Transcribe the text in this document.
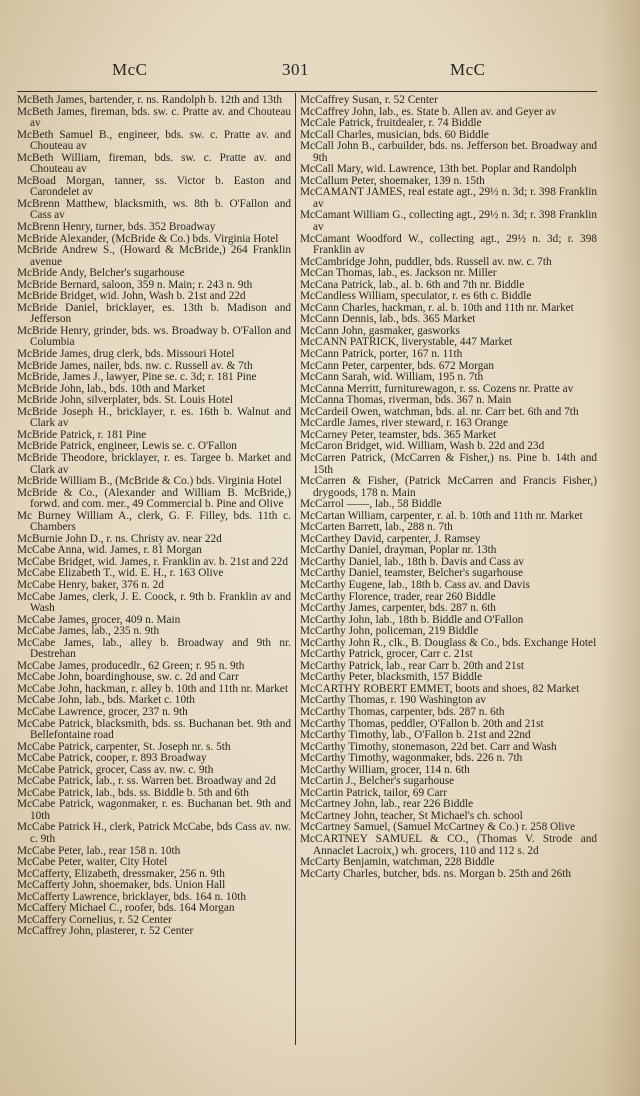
McC	301	McC
McBeth James, bartender, r. ns. Randolph b. 12th and 13th
McBeth James, fireman, bds. sw. c. Pratte av. and Chouteau av
McBeth Samuel B., engineer, bds. sw. c. Pratte av. and Chouteau av
McBeth William, fireman, bds. sw. c. Pratte av. and Chouteau av
McBoad Morgan, tanner, ss. Victor b. Easton and Carondelet av
McBrenn Matthew, blacksmith, ws. 8th b. O'Fallon and Cass av
McBrenn Henry, turner, bds. 352 Broadway
McBride Alexander, (McBride & Co.) bds. Virginia Hotel
McBride Andrew S., (Howard & McBride,) 264 Franklin avenue
McBride Andy, Belcher's sugarhouse
McBride Bernard, saloon, 359 n. Main; r. 243 n. 9th
McBride Bridget, wid. John, Wash b. 21st and 22d
McBride Daniel, bricklayer, es. 13th b. Madison and Jefferson
McBride Henry, grinder, bds. ws. Broadway b. O'Fallon and Columbia
McBride James, drug clerk, bds. Missouri Hotel
McBride James, nailer, bds. nw. c. Russell av. & 7th
McBride, James J., lawyer, Pine se. c. 3d; r. 181 Pine
McBride John, lab., bds. 10th and Market
McBride John, silverplater, bds. St. Louis Hotel
McBride Joseph H., bricklayer, r. es. 16th b. Walnut and Clark av
McBride Patrick, r. 181 Pine
McBride Patrick, engineer, Lewis se. c. O'Fallon
McBride Theodore, bricklayer, r. es. Targee b. Market and Clark av
McBride William B., (McBride & Co.) bds. Virginia Hotel
McBride & Co., (Alexander and William B. McBride,) forwd. and com. mer., 49 Commercial b. Pine and Olive
Mc Burney William A., clerk, G. F. Filley, bds. 11th c. Chambers
McBurnie John D., r. ns. Christy av. near 22d
McCabe Anna, wid. James, r. 81 Morgan
McCabe Bridget, wid. James, r. Franklin av. b. 21st and 22d
McCabe Elizabeth T., wid. E. H., r. 163 Olive
McCabe Henry, baker, 376 n. 2d
McCabe James, clerk, J. E. Coock, r. 9th b. Franklin av and Wash
McCabe James, grocer, 409 n. Main
McCabe James, lab., 235 n. 9th
McCabe James, lab., alley b. Broadway and 9th nr. Destrehan
McCabe James, producedlr., 62 Green; r. 95 n. 9th
McCabe John, boardinghouse, sw. c. 2d and Carr
McCabe John, hackman, r. alley b. 10th and 11th nr. Market
McCabe John, lab., bds. Market c. 10th
McCabe Lawrence, grocer, 237 n. 9th
McCabe Patrick, blacksmith, bds. ss. Buchanan bet. 9th and Bellefontaine road
McCabe Patrick, carpenter, St. Joseph nr. s. 5th
McCabe Patrick, cooper, r. 893 Broadway
McCabe Patrick, grocer, Cass av. nw. c. 9th
McCabe Patrick, lab., r. ss. Warren bet. Broadway and 2d
McCabe Patrick, lab., bds. ss. Biddle b. 5th and 6th
McCabe Patrick, wagonmaker, r. es. Buchanan bet. 9th and 10th
McCabe Patrick H., clerk, Patrick McCabe, bds Cass av. nw. c. 9th
McCabe Peter, lab., rear 158 n. 10th
McCabe Peter, waiter, City Hotel
McCafferty, Elizabeth, dressmaker, 256 n. 9th
McCafferty John, shoemaker, bds. Union Hall
McCafferty Lawrence, bricklayer, bds. 164 n. 10th
McCaffery Michael C., roofer, bds. 164 Morgan
McCaffery Cornelius, r. 52 Center
McCaffrey John, plasterer, r. 52 Center
McCaffrey Susan, r. 52 Center
McCaffrey John, lab., es. State b. Allen av. and Geyer av
McCale Patrick, fruitdealer, r. 74 Biddle
McCall Charles, musician, bds. 60 Biddle
McCall John B., carbuilder, bds. ns. Jefferson bet. Broadway and 9th
McCall Mary, wid. Lawrence, 13th bet. Poplar and Randolph
McCallum Peter, shoemaker, 139 n. 15th
McCAMANT JAMES, real estate agt., 29½ n. 3d; r. 398 Franklin av
McCamant William G., collecting agt., 29½ n. 3d; r. 398 Franklin av
McCamant Woodford W., collecting agt., 29½ n. 3d; r. 398 Franklin av
McCambridge John, puddler, bds. Russell av. nw. c. 7th
McCan Thomas, lab., es. Jackson nr. Miller
McCana Patrick, lab., al. b. 6th and 7th nr. Biddle
McCandless William, speculator, r. es 6th c. Biddle
McCann Charles, hackman, r. al. b. 10th and 11th nr. Market
McCann Dennis, lab., bds. 365 Market
McCann John, gasmaker, gasworks
McCANN PATRICK, liverystable, 447 Market
McCann Patrick, porter, 167 n. 11th
McCann Peter, carpenter, bds. 672 Morgan
McCann Sarah, wid. William, 195 n. 7th
McCanna Merritt, furniturewagon, r. ss. Cozens nr. Pratte av
McCanna Thomas, riverman, bds. 367 n. Main
McCardeil Owen, watchman, bds. al. nr. Carr bet. 6th and 7th
McCardle James, river steward, r. 163 Orange
McCarney Peter, teamster, bds. 365 Market
McCaron Bridget, wid. William, Wash b. 22d and 23d
McCarren Patrick, (McCarren & Fisher,) ns. Pine b. 14th and 15th
McCarren & Fisher, (Patrick McCarren and Francis Fisher,) drygoods, 178 n. Main
McCarrol ——, lab., 58 Biddle
McCartan William, carpenter, r. al. b. 10th and 11th nr. Market
McCarten Barrett, lab., 288 n. 7th
McCarthey David, carpenter, J. Ramsey
McCarthy Daniel, drayman, Poplar nr. 13th
McCarthy Daniel, lab., 18th b. Davis and Cass av
McCarthy Daniel, teamster, Belcher's sugarhouse
McCarthy Eugene, lab., 18th b. Cass av. and Davis
McCarthy Florence, trader, rear 260 Biddle
McCarthy James, carpenter, bds. 287 n. 6th
McCarthy John, lab., 18th b. Biddle and O'Fallon
McCarthy John, policeman, 219 Biddle
McCarthy John R., clk., B. Douglass & Co., bds. Exchange Hotel
McCarthy Patrick, grocer, Carr c. 21st
McCarthy Patrick, lab., rear Carr b. 20th and 21st
McCarthy Peter, blacksmith, 157 Biddle
McCARTHY ROBERT EMMET, boots and shoes, 82 Market
McCarthy Thomas, r. 190 Washington av
McCarthy Thomas, carpenter, bds. 287 n. 6th
McCarthy Thomas, peddler, O'Fallon b. 20th and 21st
McCarthy Timothy, lab., O'Fallon b. 21st and 22nd
McCarthy Timothy, stonemason, 22d bet. Carr and Wash
McCarthy Timothy, wagonmaker, bds. 226 n. 7th
McCarthy William, grocer, 114 n. 6th
McCartin J., Belcher's sugarhouse
McCartin Patrick, tailor, 69 Carr
McCartney John, lab., rear 226 Biddle
McCartney John, teacher, St Michael's ch. school
McCartney Samuel, (Samuel McCartney & Co.) r. 258 Olive
McCARTNEY SAMUEL & CO., (Thomas V. Strode and Annaclet Lacroix,) wh. grocers, 110 and 112 s. 2d
McCarty Benjamin, watchman, 228 Biddle
McCarty Charles, butcher, bds. ns. Morgan b. 25th and 26th
